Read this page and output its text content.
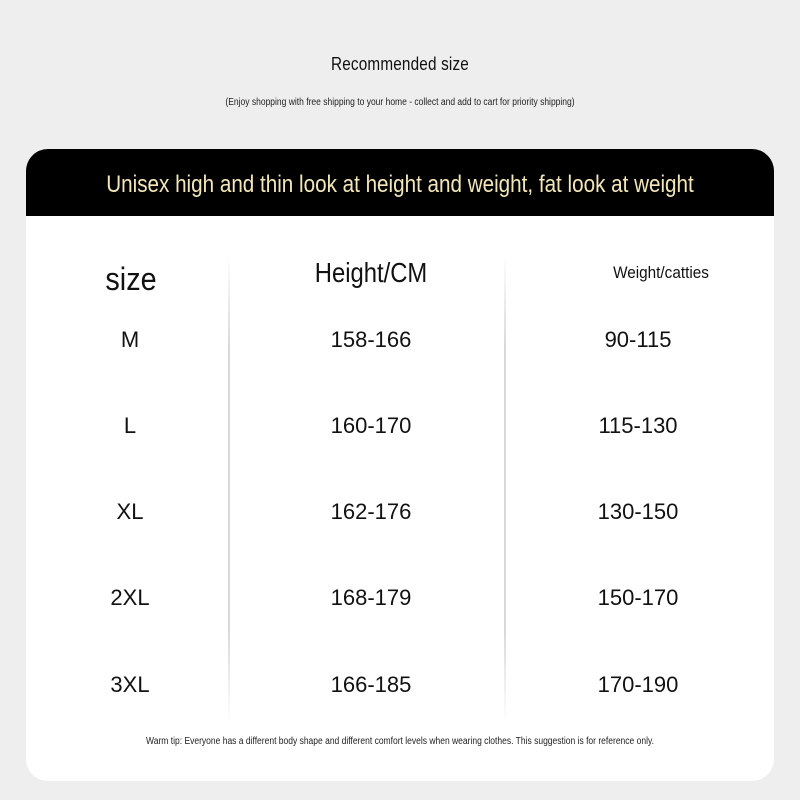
Recommended size
(Enjoy shopping with free shipping to your home - collect and add to cart for priority shipping)
Unisex high and thin look at height and weight, fat look at weight
size	Height/CM	Weight/catties
M	158-166	90-115
L	160-170	115-130
XL	162-176	130-150
2XL	168-179	150-170
3XL	166-185	170-190
Warm tip: Everyone has a different body shape and different comfort levels when wearing clothes. This suggestion is for reference only.
